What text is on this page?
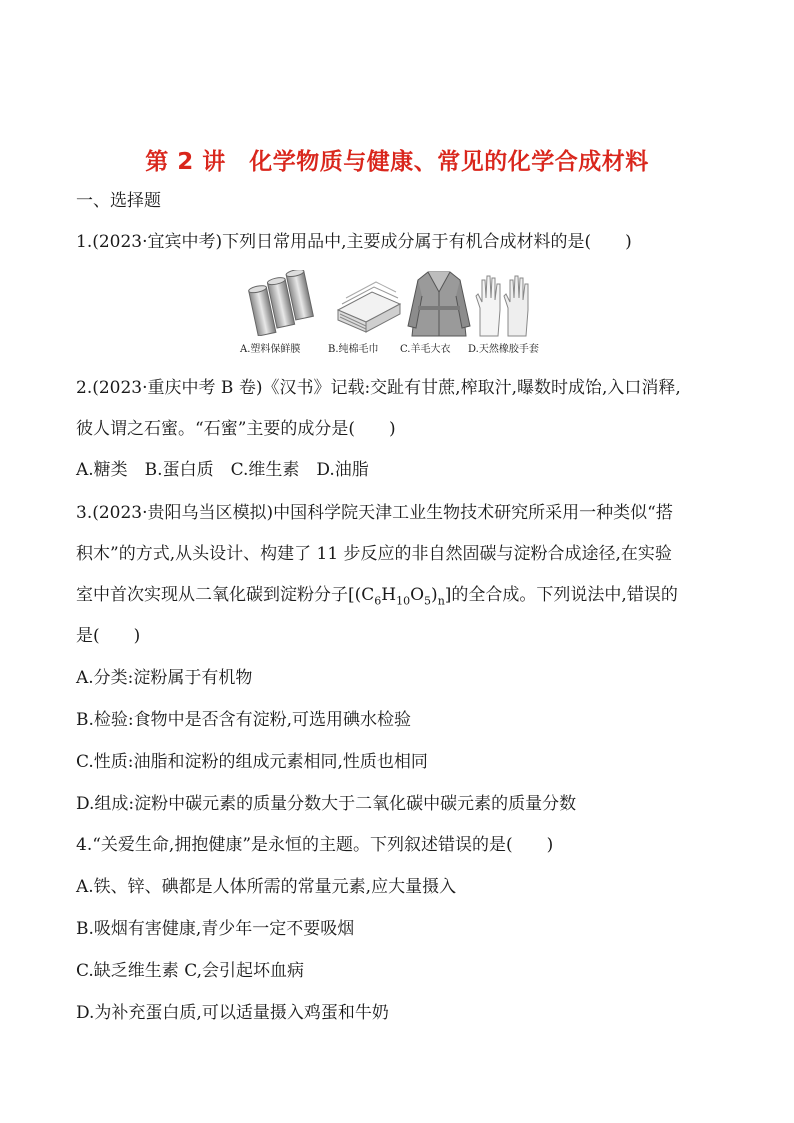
第 2 讲　化学物质与健康、常见的化学合成材料
一、选择题
1.(2023·宜宾中考)下列日常用品中,主要成分属于有机合成材料的是(　　)
A.塑料保鲜膜	B.纯棉毛巾	C.羊毛大衣	D.天然橡胶手套
2.(2023·重庆中考 B 卷)《汉书》记载:交趾有甘蔗,榨取汁,曝数时成饴,入口消释,
彼人谓之石蜜。“石蜜”主要的成分是(　　)
A.糖类　B.蛋白质　C.维生素　D.油脂
3.(2023·贵阳乌当区模拟)中国科学院天津工业生物技术研究所采用一种类似“搭
积木”的方式,从头设计、构建了 11 步反应的非自然固碳与淀粉合成途径,在实验
室中首次实现从二氧化碳到淀粉分子$[(C_6H_{10}O_5)_n]$的全合成。下列说法中,错误的
是(　　)
A.分类:淀粉属于有机物
B.检验:食物中是否含有淀粉,可选用碘水检验
C.性质:油脂和淀粉的组成元素相同,性质也相同
D.组成:淀粉中碳元素的质量分数大于二氧化碳中碳元素的质量分数
4.“关爱生命,拥抱健康”是永恒的主题。下列叙述错误的是(　　)
A.铁、锌、碘都是人体所需的常量元素,应大量摄入
B.吸烟有害健康,青少年一定不要吸烟
C.缺乏维生素 C,会引起坏血病
D.为补充蛋白质,可以适量摄入鸡蛋和牛奶
